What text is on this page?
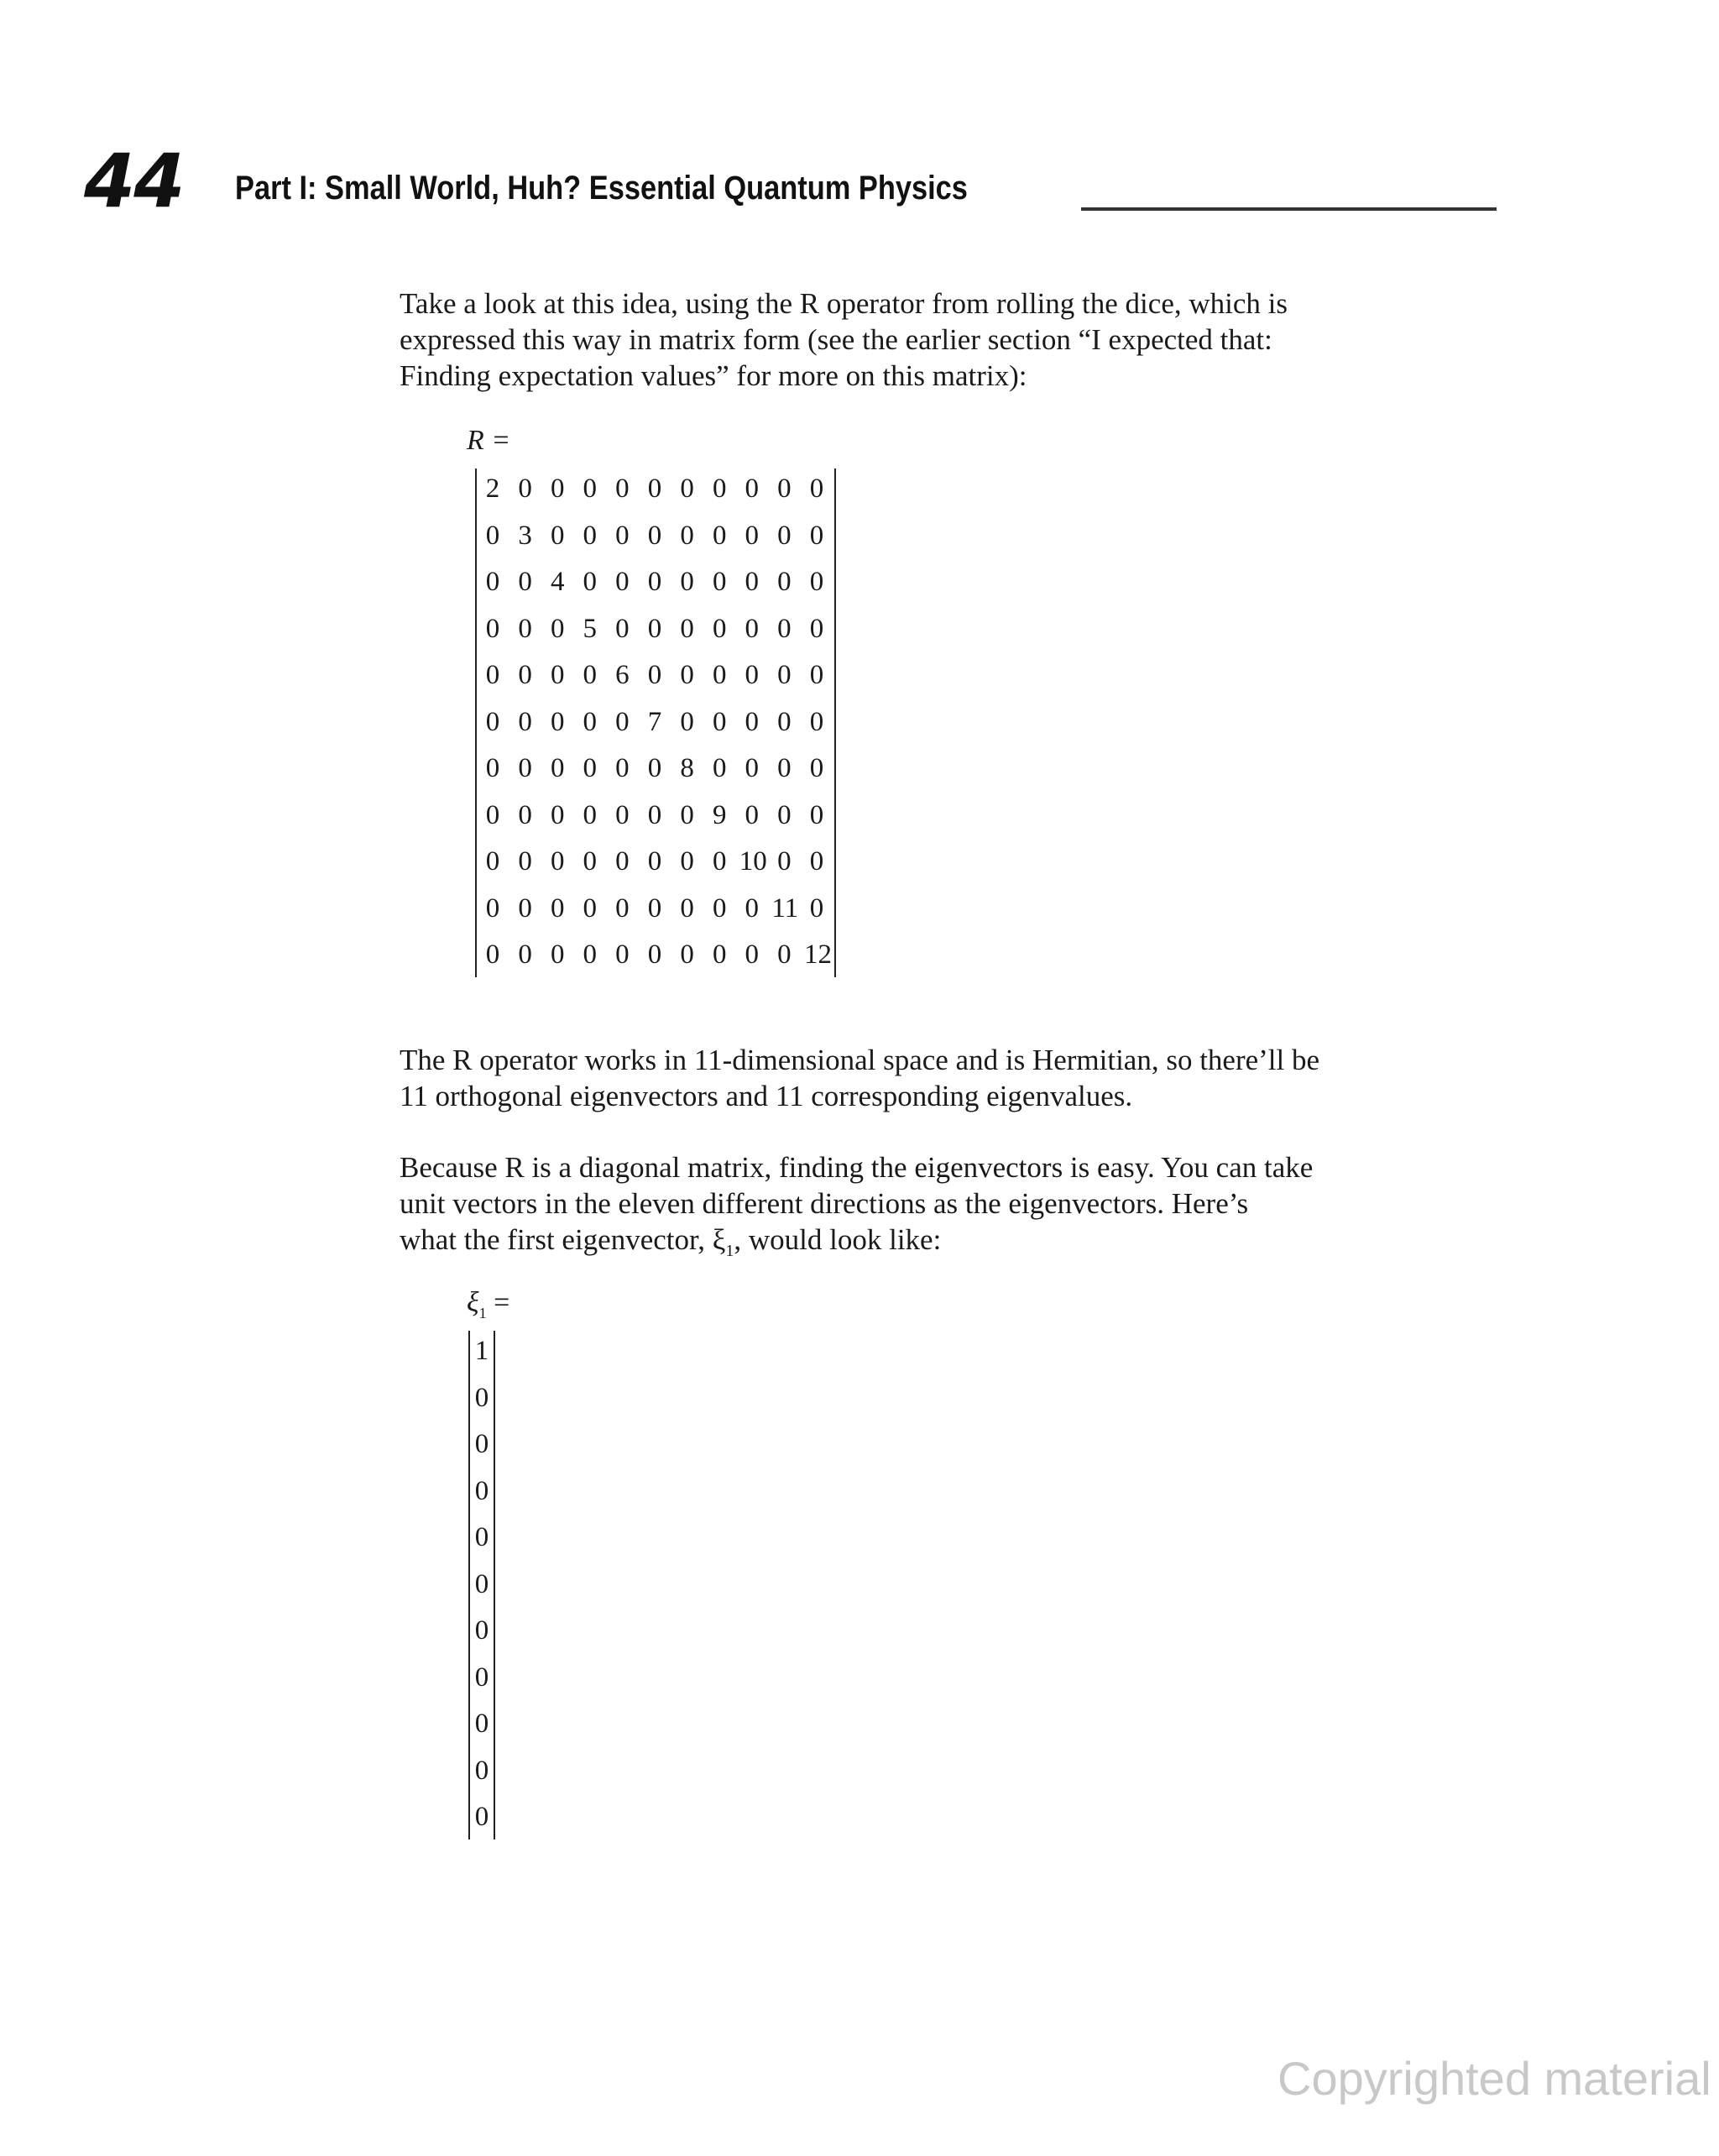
44 Part I: Small World, Huh? Essential Quantum Physics

Take a look at this idea, using the R operator from rolling the dice, which is
expressed this way in matrix form (see the earlier section “I expected that:
Finding expectation values” for more on this matrix):

R =
2 0 0 0 0 0 0 0 0 0 0
0 3 0 0 0 0 0 0 0 0 0
0 0 4 0 0 0 0 0 0 0 0
0 0 0 5 0 0 0 0 0 0 0
0 0 0 0 6 0 0 0 0 0 0
0 0 0 0 0 7 0 0 0 0 0
0 0 0 0 0 0 8 0 0 0 0
0 0 0 0 0 0 0 9 0 0 0
0 0 0 0 0 0 0 0 10 0 0
0 0 0 0 0 0 0 0 0 11 0
0 0 0 0 0 0 0 0 0 0 12

The R operator works in 11-dimensional space and is Hermitian, so there’ll be
11 orthogonal eigenvectors and 11 corresponding eigenvalues.

Because R is a diagonal matrix, finding the eigenvectors is easy. You can take
unit vectors in the eleven different directions as the eigenvectors. Here’s
what the first eigenvector, $\xi_1$, would look like:

$\xi_1$ =
1
0
0
0
0
0
0
0
0
0
0
Copyrighted material
